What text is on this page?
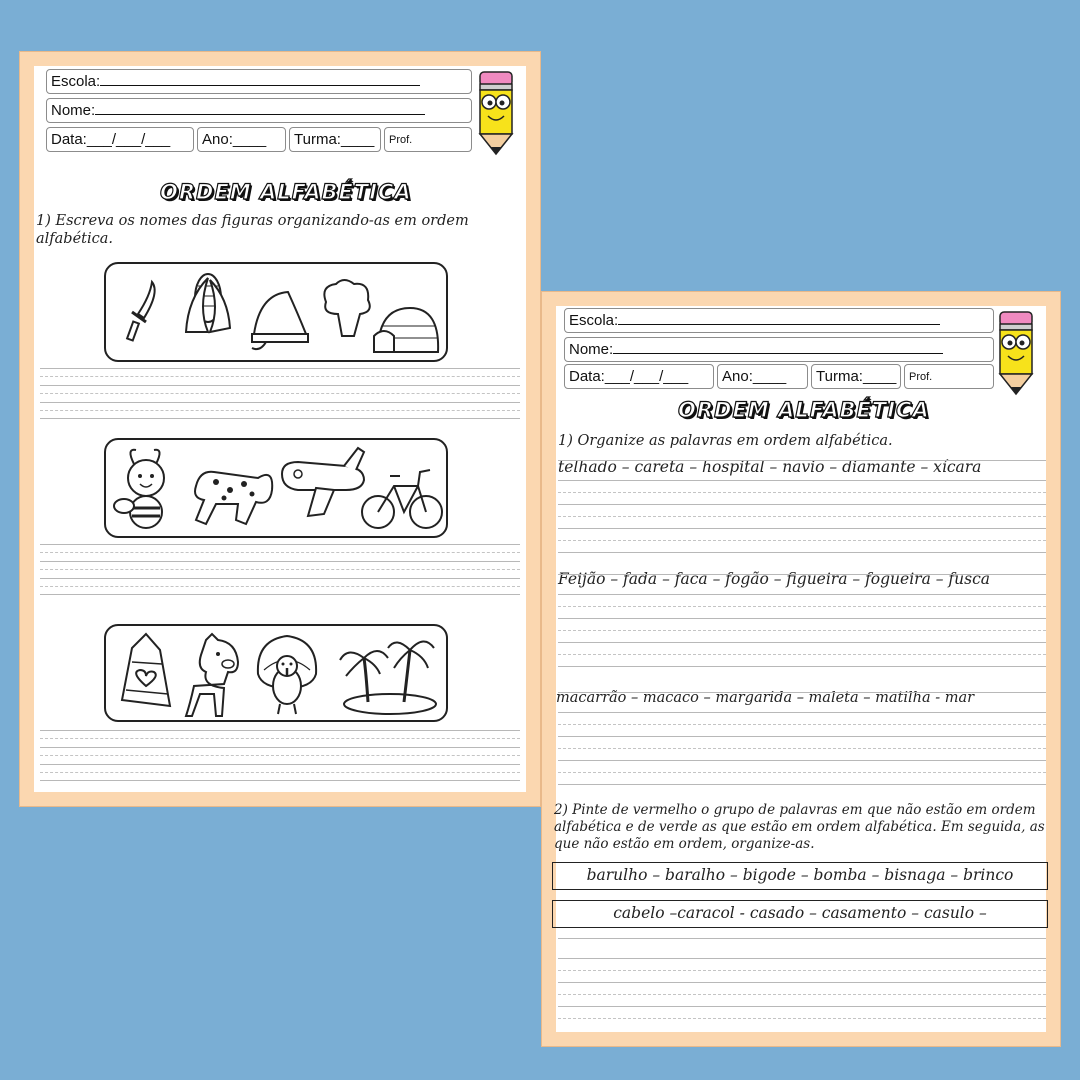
Escola:
Nome:
Data:___/___/___	Ano:____	Turma:____	Prof.
ORDEM ALFABÉTICA
1) Escreva os nomes das figuras organizando-as em ordem alfabética.
Escola:
Nome:
Data:___/___/___	Ano:____	Turma:____	Prof.
ORDEM ALFABÉTICA
1) Organize as palavras em ordem alfabética.
telhado – careta – hospital – navio – diamante – xícara
Feijão – fada – faca – fogão – figueira – fogueira – fusca
macarrão – macaco – margarida – maleta – matilha - mar
2) Pinte de vermelho o grupo de palavras em que não estão em ordem alfabética e de verde as que estão em ordem alfabética. Em seguida, as que não estão em ordem, organize-as.
barulho – baralho – bigode – bomba – bisnaga – brinco
cabelo –caracol - casado – casamento – casulo –
